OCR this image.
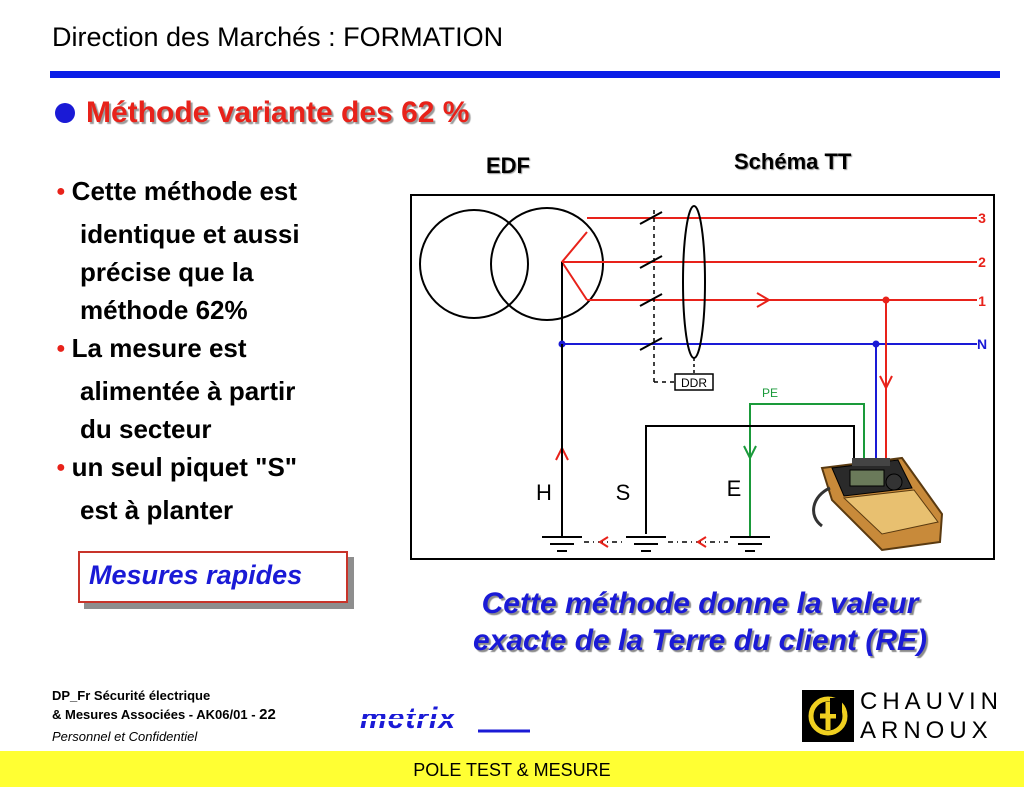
Direction des Marchés : FORMATION
Méthode variante des 62 %
● Cette méthode est
identique et aussi
précise que la
méthode 62%
● La mesure est
alimentée à partir
du secteur
● un seul piquet "S"
est à planter
Mesures rapides
EDF	Schéma TT
DDR
3
2
1
N
PE
H	S	E
Cette méthode donne la valeur
exacte de la Terre du client (RE)
DP_Fr Sécurité électrique
& Mesures Associées - AK06/01 - 22
Personnel et Confidentiel
metrix
CHAUVIN
ARNOUX
POLE TEST & MESURE
